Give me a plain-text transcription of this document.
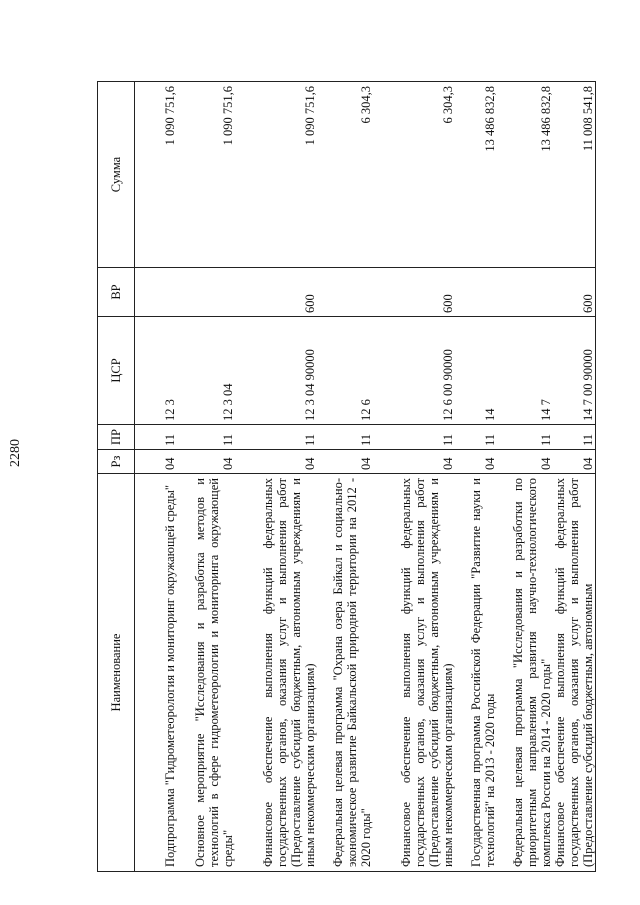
2280
Наименование	Рз	ПР	ЦСР	ВР	Сумма
Подпрограмма "Гидрометеорология и мониторинг окружающей среды"	04	11	12 3		1 090 751,6
Основное мероприятие "Исследования и разработка методов и технологий в сфере гидрометеорологии и мониторинга окружающей среды"	04	11	12 3 04		1 090 751,6
Финансовое обеспечение выполнения функций федеральных государственных органов, оказания услуг и выполнения работ (Предоставление субсидий бюджетным, автономным учреждениям и иным некоммерческим организациям)	04	11	12 3 04 90000	600	1 090 751,6
Федеральная целевая программа "Охрана озера Байкал и социально-экономическое развитие Байкальской природной территории на 2012 - 2020 годы"	04	11	12 6		6 304,3
Финансовое обеспечение выполнения функций федеральных государственных органов, оказания услуг и выполнения работ (Предоставление субсидий бюджетным, автономным учреждениям и иным некоммерческим организациям)	04	11	12 6 00 90000	600	6 304,3
Государственная программа Российской Федерации "Развитие науки и технологий" на 2013 - 2020 годы	04	11	14		13 486 832,8
Федеральная целевая программа "Исследования и разработки по приоритетным направлениям развития научно-технологического комплекса России на 2014 - 2020 годы"	04	11	14 7		13 486 832,8
Финансовое обеспечение выполнения функций федеральных государственных органов, оказания услуг и выполнения работ (Предоставление субсидий бюджетным, автономным	04	11	14 7 00 90000	600	11 008 541,8
